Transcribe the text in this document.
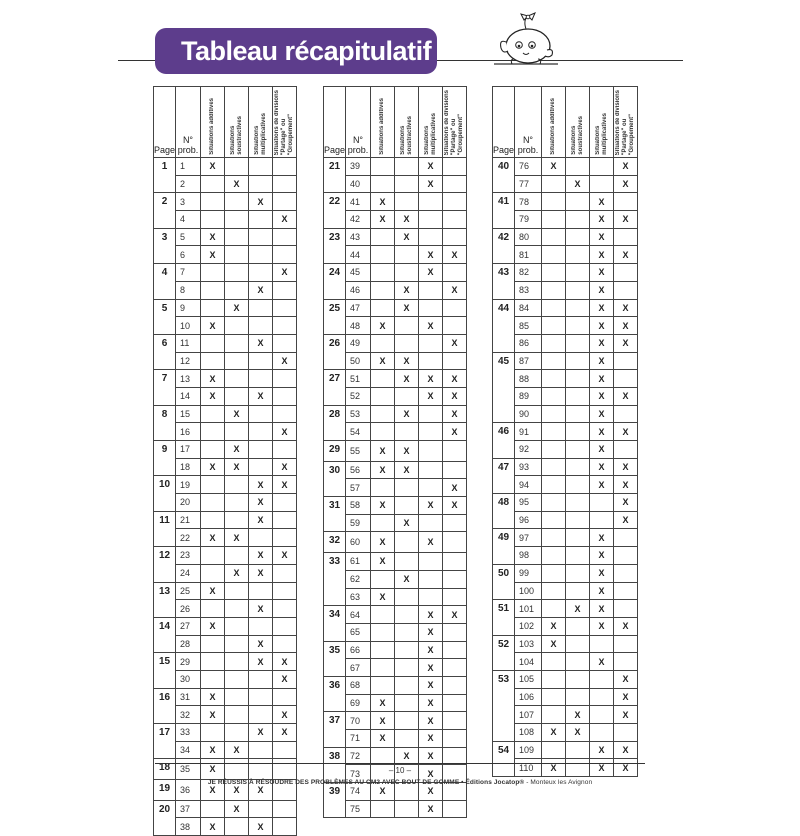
Tableau récapitulatif
Page	N°
prob.	Situations additives	Situations
soustractives	Situations
multiplicatives	Situations de divisions
"Partage" ou
"Groupement"

1	1	X			
	2		X		
2	3			X	
	4				X
3	5	X			
	6	X			
4	7				X
	8			X	
5	9		X		
	10	X			
6	11			X	
	12				X
7	13	X			
	14	X		X	
8	15		X		
	16				X
9	17		X		
	18	X	X		X
10	19			X	X
	20			X	
11	21			X	
	22	X	X		
12	23			X	X
	24		X	X	
13	25	X			
	26			X	
14	27	X			
	28			X	
15	29			X	X
	30				X
16	31	X			
	32	X			X
17	33			X	X
	34	X	X		
18	35	X			
19	36	X	X	X	
20	37		X		
	38	X		X	
Page	N°
prob.	Situations additives	Situations
soustractives	Situations
multiplicatives	Situations de divisions
"Partage" ou
"Groupement"

21	39			X	
	40			X	
22	41	X			
	42	X	X		
23	43		X		
	44			X	X
24	45			X	
	46		X		X
25	47		X		
	48	X		X	
26	49				X
	50	X	X		
27	51		X	X	X
	52			X	X
28	53		X		X
	54				X
29	55	X	X		
30	56	X	X		
	57				X
31	58	X		X	X
	59		X		
32	60	X		X	
33	61	X			
	62		X		
	63	X			
34	64			X	X
	65			X	
35	66			X	
	67			X	
36	68			X	
	69	X		X	
37	70	X		X	
	71	X		X	
38	72		X	X	
	73			X	
39	74	X		X	
	75			X	
Page	N°
prob.	Situations additives	Situations
soustractives	Situations
multiplicatives	Situations de divisions
"Partage" ou
"Groupement"

40	76	X			X
	77		X		X
41	78			X	
	79			X	X
42	80			X	
	81			X	X
43	82			X	
	83			X	
44	84			X	X
	85			X	X
	86			X	X
45	87			X	
	88			X	
	89			X	X
	90			X	
46	91			X	X
	92			X	
47	93			X	X
	94			X	X
48	95				X
	96				X
49	97			X	
	98			X	
50	99			X	
	100			X	
51	101		X	X	
	102	X		X	X
52	103	X			
	104			X	
53	105				X
	106				X
	107		X		X
	108	X	X		
54	109			X	X
	110	X		X	X
– 10 –
JE RÉUSSIS À RÉSOUDRE DES PROBLÈMES AU CM2 AVEC BOUT DE GOMME • Éditions Jocatop® - Monteux les Avignon
